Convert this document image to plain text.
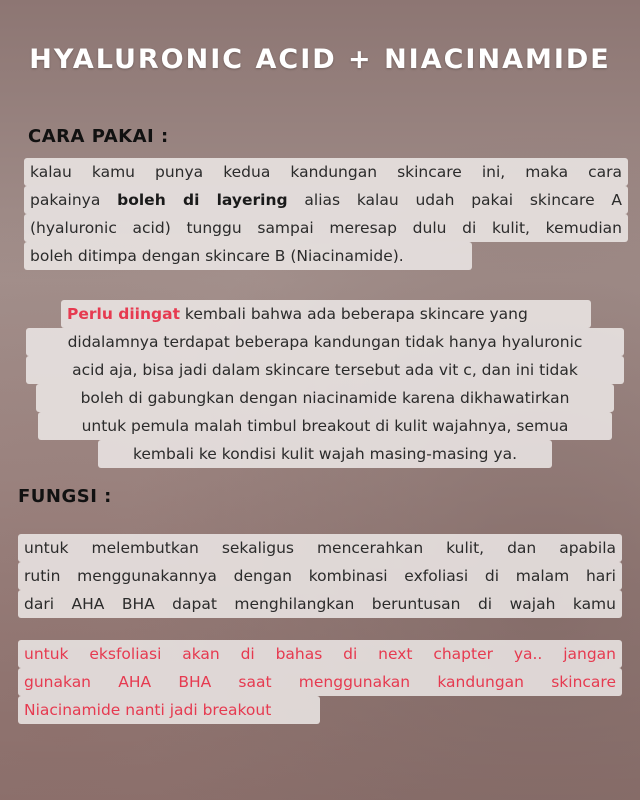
HYALURONIC ACID + NIACINAMIDE
CARA PAKAI :
kalau kamu punya kedua kandungan skincare ini, maka cara
pakainya boleh di layering alias kalau udah pakai skincare A
(hyaluronic acid) tunggu sampai meresap dulu di kulit, kemudian
boleh ditimpa dengan skincare B (Niacinamide).
Perlu diingat kembali bahwa ada beberapa skincare yang
didalamnya terdapat beberapa kandungan tidak hanya hyaluronic
acid aja, bisa jadi dalam skincare tersebut ada vit c, dan ini tidak
boleh di gabungkan dengan niacinamide karena dikhawatirkan
untuk pemula malah timbul breakout di kulit wajahnya, semua
kembali ke kondisi kulit wajah masing-masing ya.
FUNGSI :
untuk melembutkan sekaligus mencerahkan kulit, dan apabila
rutin menggunakannya dengan kombinasi exfoliasi di malam hari
dari AHA BHA dapat menghilangkan beruntusan di wajah kamu
untuk eksfoliasi akan di bahas di next chapter ya.. jangan
gunakan AHA BHA saat menggunakan kandungan skincare
Niacinamide nanti jadi breakout
